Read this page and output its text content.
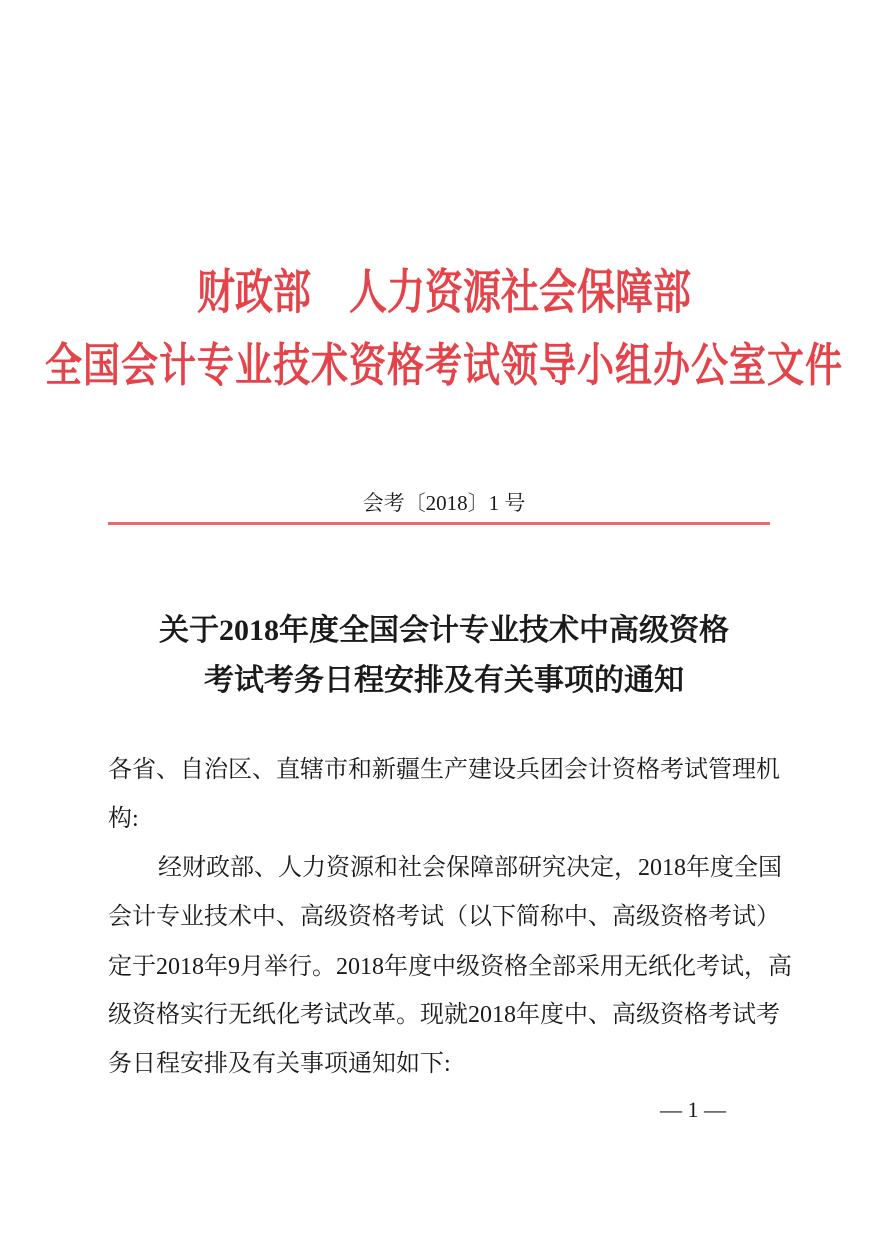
财政部　人力资源社会保障部
全国会计专业技术资格考试领导小组办公室文件
会考〔2018〕1 号
关于2018年度全国会计专业技术中高级资格
考试考务日程安排及有关事项的通知
各省、自治区、直辖市和新疆生产建设兵团会计资格考试管理机
构:
经财政部、人力资源和社会保障部研究决定，2018年度全国
会计专业技术中、高级资格考试（以下简称中、高级资格考试）
定于2018年9月举行。2018年度中级资格全部采用无纸化考试，高
级资格实行无纸化考试改革。现就2018年度中、高级资格考试考
务日程安排及有关事项通知如下:
— 1 —
